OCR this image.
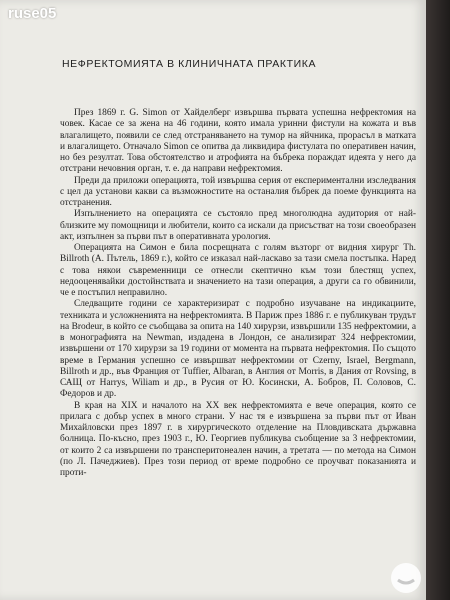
ruse05
НЕФРЕКТОМИЯТА В КЛИНИЧНАТА ПРАКТИКА

През 1869 г. G. Simon от Хайделберг извършва първата успешна нефректомия на човек. Касае се за жена на 46 години, която имала уринни фистули на кожата и във влагалището, появили се след отстраняването на тумор на яйчника, прорасъл в матката и влагалището. Отначало Simon се опитва да ликвидира фистулата по оперативен начин, но без резултат. Това обстоятелство и атрофията на бъбрека пораждат идеята у него да отстрани нечовния орган, т. е. да направи нефректомия.

Преди да приложи операцията, той извършва серия от експериментални изследвания с цел да установи какви са възможностите на останалия бъбрек да поеме функцията на отстранения.

Изпълнението на операцията се състояло пред многолюдна аудитория от най-близките му помощници и любители, които са искали да присъстват на този своеобразен акт, изпълнен за първи път в оперативната урология.

Операцията на Симон е била посрещната с голям възторг от видния хирург Th. Billroth (А. Пътель, 1869 г.), който се изказал най-ласкаво за тази смела постъпка. Наред с това някои съвременници се отнесли скептично към този блестящ успех, недооценявайки достойнствата и значението на тази операция, а други са го обвинили, че е постъпил неправилно.

Следващите години се характеризират с подробно изучаване на индикациите, техниката и усложненията на нефректомията. В Париж през 1886 г. е публикуван трудът на Brodeur, в който се съобщава за опита на 140 хирурзи, извършили 135 нефректомии, а в монографията на Newman, издадена в Лондон, се анализират 324 нефректомии, извършени от 170 хирурзи за 19 години от момента на първата нефректомия. По същото време в Германия успешно се извършват нефректомии от Czerny, Israel, Bergmann, Billroth и др., във Франция от Tuffier, Albaran, в Англия от Morris, в Дания от Rovsing, в САЩ от Harrys, Wiliam и др., в Русия от Ю. Косински, А. Бобров, П. Соловов, С. Федоров и др.

В края на XIX и началото на XX век нефректомията е вече операция, която се прилага с добър успех в много страни. У нас тя е извършена за първи път от Иван Михайловски през 1897 г. в хирургическото отделение на Пловдивската държавна болница. По-късно, през 1903 г., Ю. Георгиев публикува съобщение за 3 нефректомии, от които 2 са извършени по трансперитонеален начин, а третата — по метода на Симон (по Л. Пачеджиев). През този период от време подробно се проучват показанията и проти-
